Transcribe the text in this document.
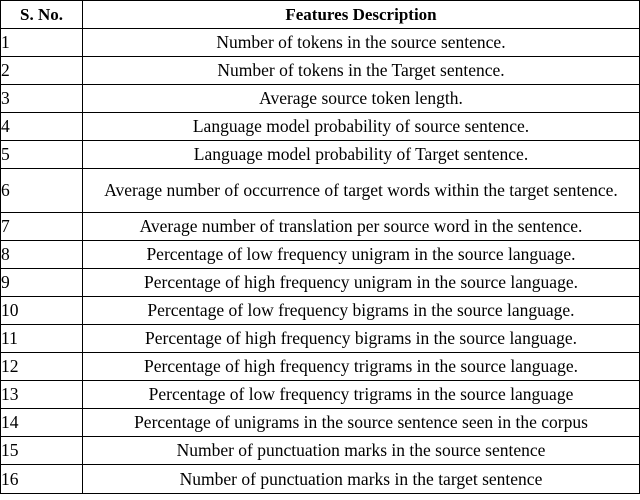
S. No.	Features Description
1	Number of tokens in the source sentence.
2	Number of tokens in the Target sentence.
3	Average source token length.
4	Language model probability of source sentence.
5	Language model probability of Target sentence.
6	Average number of occurrence of target words within the target sentence.
7	Average number of translation per source word in the sentence.
8	Percentage of low frequency unigram in the source language.
9	Percentage of high frequency unigram in the source language.
10	Percentage of low frequency bigrams in the source language.
11	Percentage of high frequency bigrams in the source language.
12	Percentage of high frequency trigrams in the source language.
13	Percentage of low frequency trigrams in the source language
14	Percentage of unigrams in the source sentence seen in the corpus
15	Number of punctuation marks in the source sentence
16	Number of punctuation marks in the target sentence
